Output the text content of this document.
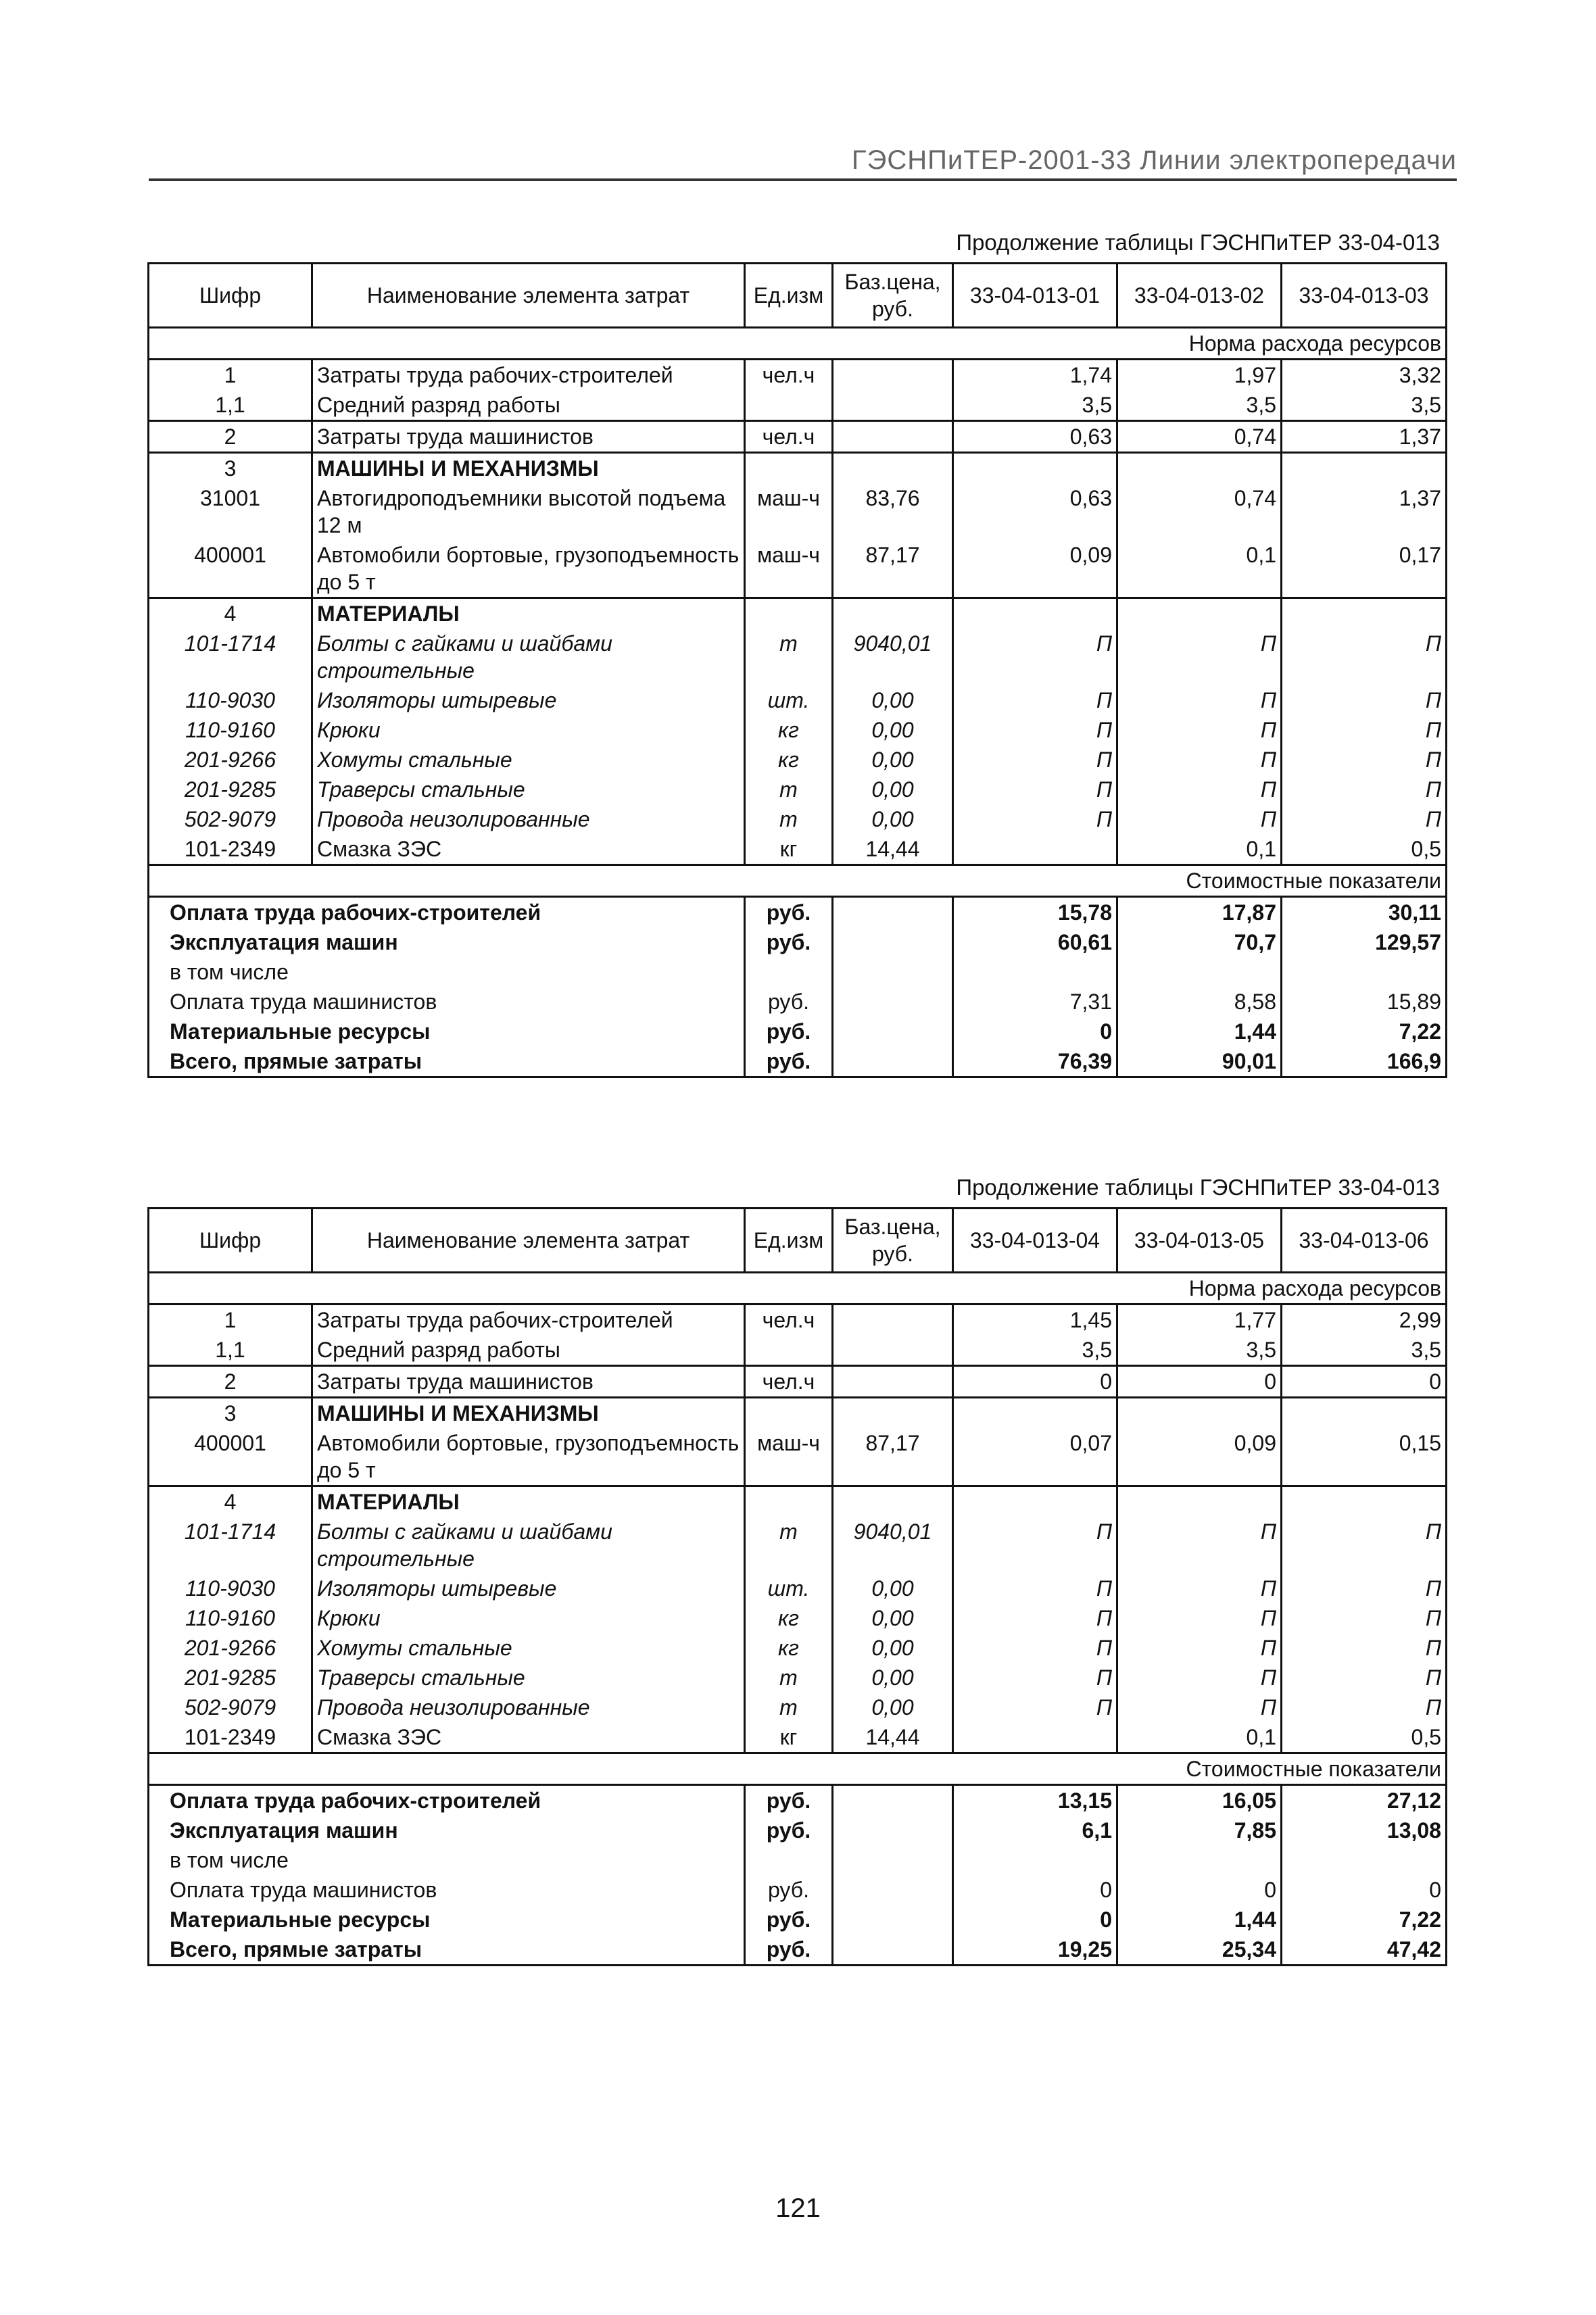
ГЭСНПиТЕР-2001-33 Линии электропередачи
Продолжение таблицы ГЭСНПиТЕР 33-04-013
Шифр	Наименование элемента затрат	Ед.изм	Баз.цена, руб.	33-04-013-01	33-04-013-02	33-04-013-03
Норма расхода ресурсов						
1	Затраты труда рабочих-строителей	чел.ч		1,74	1,97	3,32
1,1	Средний разряд работы			3,5	3,5	3,5
2	Затраты труда машинистов	чел.ч		0,63	0,74	1,37
3	МАШИНЫ И МЕХАНИЗМЫ					
31001	Автогидроподъемники высотой подъема 12 м	маш-ч	83,76	0,63	0,74	1,37
400001	Автомобили бортовые, грузоподъемность до 5 т	маш-ч	87,17	0,09	0,1	0,17
4	МАТЕРИАЛЫ					
101-1714	Болты с гайками и шайбами строительные	т	9040,01	П	П	П
110-9030	Изоляторы штыревые	шт.	0,00	П	П	П
110-9160	Крюки	кг	0,00	П	П	П
201-9266	Хомуты стальные	кг	0,00	П	П	П
201-9285	Траверсы стальные	т	0,00	П	П	П
502-9079	Провода неизолированные	т	0,00	П	П	П
101-2349	Смазка ЗЭС	кг	14,44		0,1	0,5
Стоимостные показатели						
Оплата труда рабочих-строителей		руб.		15,78	17,87	30,11
Эксплуатация машин		руб.		60,61	70,7	129,57
в том числе						
Оплата труда машинистов		руб.		7,31	8,58	15,89
Материальные ресурсы		руб.		0	1,44	7,22
Всего, прямые затраты		руб.		76,39	90,01	166,9
Продолжение таблицы ГЭСНПиТЕР 33-04-013
Шифр	Наименование элемента затрат	Ед.изм	Баз.цена, руб.	33-04-013-04	33-04-013-05	33-04-013-06
Норма расхода ресурсов						
1	Затраты труда рабочих-строителей	чел.ч		1,45	1,77	2,99
1,1	Средний разряд работы			3,5	3,5	3,5
2	Затраты труда машинистов	чел.ч		0	0	0
3	МАШИНЫ И МЕХАНИЗМЫ					
400001	Автомобили бортовые, грузоподъемность до 5 т	маш-ч	87,17	0,07	0,09	0,15
4	МАТЕРИАЛЫ					
101-1714	Болты с гайками и шайбами строительные	т	9040,01	П	П	П
110-9030	Изоляторы штыревые	шт.	0,00	П	П	П
110-9160	Крюки	кг	0,00	П	П	П
201-9266	Хомуты стальные	кг	0,00	П	П	П
201-9285	Траверсы стальные	т	0,00	П	П	П
502-9079	Провода неизолированные	т	0,00	П	П	П
101-2349	Смазка ЗЭС	кг	14,44		0,1	0,5
Стоимостные показатели						
Оплата труда рабочих-строителей		руб.		13,15	16,05	27,12
Эксплуатация машин		руб.		6,1	7,85	13,08
в том числе						
Оплата труда машинистов		руб.		0	0	0
Материальные ресурсы		руб.		0	1,44	7,22
Всего, прямые затраты		руб.		19,25	25,34	47,42
121
